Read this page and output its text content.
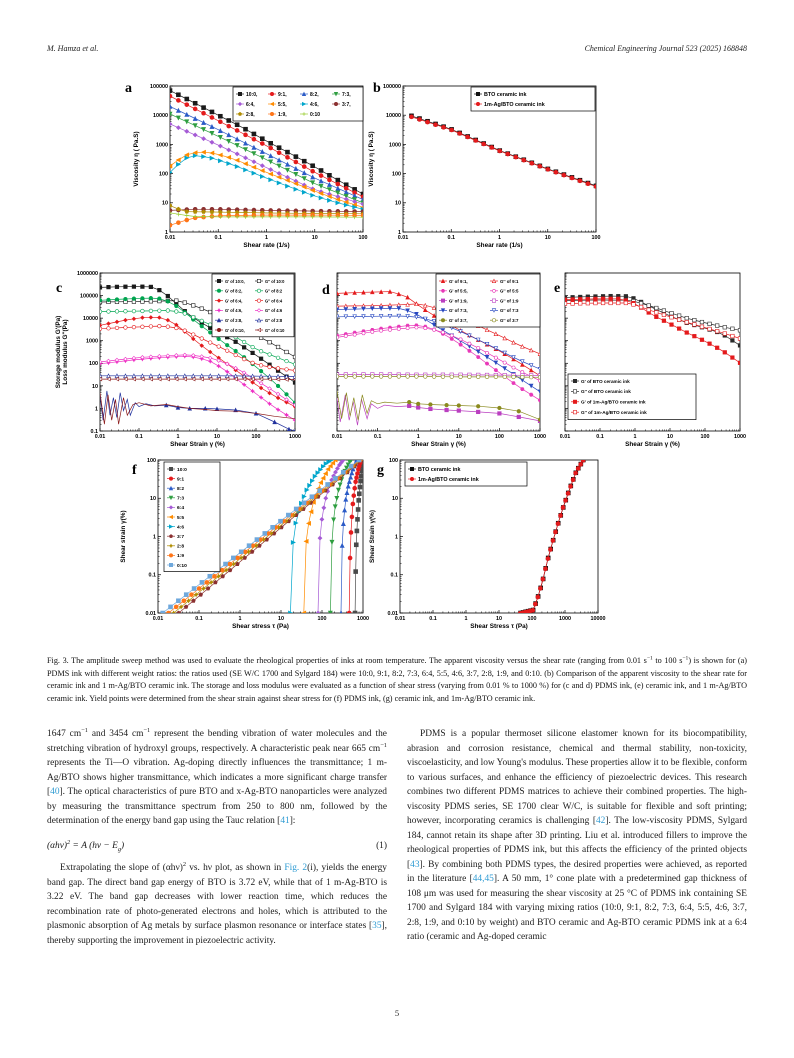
M. Hamza et al.	Chemical Engineering Journal 523 (2025) 168848
0.01	0.1	1	10	100
1
10
100
1000
10000
100000
Shear rate (1/s)
Viscosity η ( Pa.S)
a	10:0,	9:1,	8:2,	7:3,
6:4,	5:5,	4:6,	3:7,
2:8,	1:9,	0:10
0.01	0.1	1	10	100
1
10
100
1000
10000
100000
Shear rate (1/s)
Viscosity η ( Pa.S)
b	BTO ceramic ink
1m-Ag/BTO ceramic ink
0.01	0.1	1	10	100	1000
0.1
1
10
100
1000
10000
100000
1000000
Shear Strain γ (%)
Storage modulus G'(Pa) Loss modulus G''(Pa)
c	G' of 10:0,	G'' of 10:0
G' of 8:2,	G'' of 8:2
G' of 6:4,	G'' of 6:4
G' of 4:6,	G'' of 4:6
G' of 2:8,	G'' of 2:8
G' of 0:10,	G'' of 0:10
0.01	0.1	1	10	100	1000
Shear Strain γ (%)
d
G' of 9:1,	G'' of 9:1
G' of 5:5,	G'' of 5:5
G' of 1:9,	G'' of 1:9
G' of 7:3,	G'' of 7:3
G' of 3:7,	G'' of 3:7
0.01	0.1	1	10	100	1000
Shear Strain γ (%)
e
G' of BTO ceramic ink
G'' of BTO ceramic ink
G' of 1m-Ag/BTO ceramic ink
G'' of 1m-Ag/BTO ceramic ink
0.01	0.1	1	10	100	1000
0.01
0.1
1
10
100
Shear stress τ (Pa)
Shear strain γ(%)
f	10:0
9:1
8:2
7:3
6:4
5:5
4:6
3:7
2:8
1:9
0:10
0.01	0.1	1	10	100	1000	10000
0.01
0.1
1
10
100
Shear Stress τ (Pa)
Shear Strain γ(%)
g	BTO ceramic ink
1m-Ag/BTO ceramic ink
Fig. 3. The amplitude sweep method was used to evaluate the rheological properties of inks at room temperature. The apparent viscosity versus the shear rate (ranging from 0.01 $s^{-1}$ to 100 $s^{-1}$) is shown for (a) PDMS ink with different weight ratios: the ratios used (SE W/C 1700 and Sylgard 184) were 10:0, 9:1, 8:2, 7:3, 6:4, 5:5, 4:6, 3:7, 2:8, 1:9, and 0:10. (b) Comparison of the apparent viscosity to the shear rate for ceramic ink and 1 m-Ag/BTO ceramic ink. The storage and loss modulus were evaluated as a function of shear stress (varying from 0.01 % to 1000 %) for (c and d) PDMS ink, (e) ceramic ink, and 1 m-Ag/BTO ceramic ink. Yield points were determined from the shear strain against shear stress for (f) PDMS ink, (g) ceramic ink, and 1m-Ag/BTO ceramic ink.

1647 $cm^{-1}$ and 3454 $cm^{-1}$ represent the bending vibration of water molecules and the stretching vibration of hydroxyl groups, respectively. A characteristic peak near 665 $cm^{-1}$ represents the Ti—O vibration. Ag-doping directly influences the transmittance; 1 m-Ag/BTO shows higher transmittance, which indicates a more significant charge transfer [40]. The optical characteristics of pure BTO and x-Ag-BTO nanoparticles were analyzed by measuring the transmittance spectrum from 250 to 800 nm, followed by the determination of the energy band gap using the Tauc relation [41]:

$(\alpha h\nu)^2 = A$ $(h\nu - E_g)$	(1)

Extrapolating the slope of $(\alpha h\nu)^2$ vs. hν plot, as shown in Fig. 2(i), yields the energy band gap. The direct band gap energy of BTO is 3.72 eV, while that of 1 m-Ag-BTO is 3.22 eV. The band gap decreases with lower reaction time, which reduces the recombination rate of photo-generated electrons and holes, which is attributed to the plasmonic absorption of Ag metals by surface plasmon resonance or interface states [35], thereby supporting the improvement in piezoelectric activity.

PDMS is a popular thermoset silicone elastomer known for its biocompatibility, abrasion and corrosion resistance, chemical and thermal stability, non-toxicity, viscoelasticity, and low Young's modulus. These properties allow it to be flexible, conform to various surfaces, and enhance the efficiency of piezoelectric devices. This research combines two different PDMS matrices to achieve their combined properties. The high-viscosity PDMS series, SE 1700 clear W/C, is suitable for flexible and soft printing; however, incorporating ceramics is challenging [42]. The low-viscosity PDMS, Sylgard 184, cannot retain its shape after 3D printing. Liu et al. introduced fillers to improve the rheological properties of PDMS ink, but this affects the efficiency of the printed objects [43]. By combining both PDMS types, the desired properties were achieved, as reported in the literature [44,45]. A 50 mm, 1° cone plate with a predetermined gap thickness of 108 μm was used for measuring the shear viscosity at 25 °C of PDMS ink containing SE 1700 and Sylgard 184 with varying mixing ratios (10:0, 9:1, 8:2, 7:3, 6:4, 5:5, 4:6, 3:7, 2:8, 1:9, and 0:10 by weight) and BTO ceramic and Ag-BTO ceramic PDMS ink at a 6:4 ratio (ceramic and Ag-doped ceramic

5
